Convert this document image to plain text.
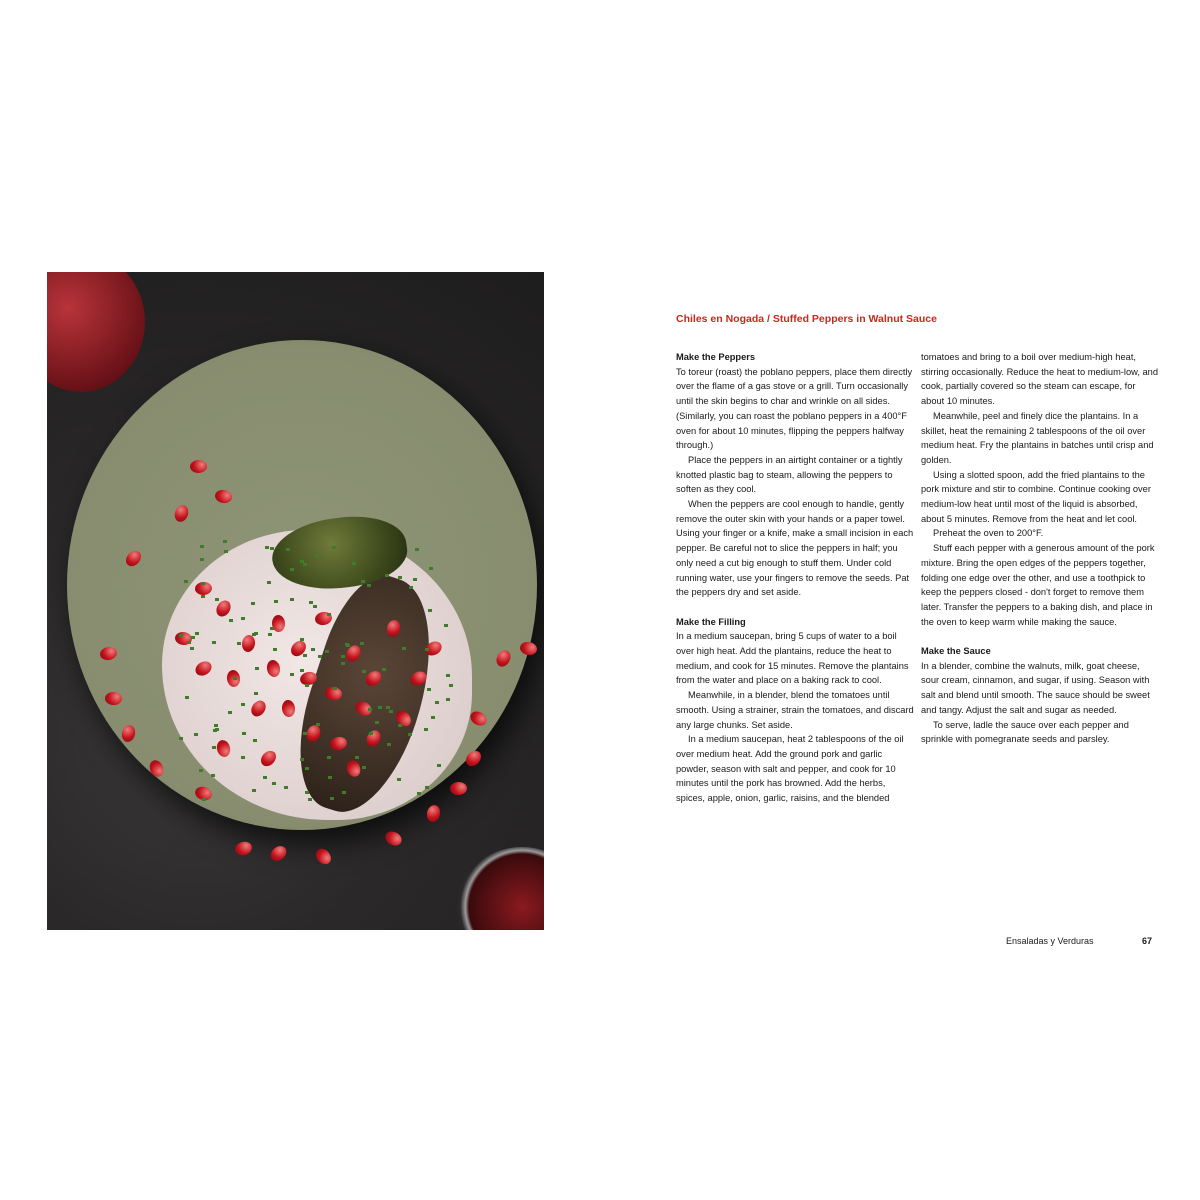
Chiles en Nogada / Stuffed Peppers in Walnut Sauce
Make the Peppers

To toreur (roast) the poblano peppers, place them directly over the flame of a gas stove or a grill. Turn occasionally until the skin begins to char and wrinkle on all sides. (Similarly, you can roast the poblano peppers in a 400°F oven for about 10 minutes, flipping the peppers halfway through.)

Place the peppers in an airtight container or a tightly knotted plastic bag to steam, allowing the peppers to soften as they cool.

When the peppers are cool enough to handle, gently remove the outer skin with your hands or a paper towel. Using your finger or a knife, make a small incision in each pepper. Be careful not to slice the peppers in half; you only need a cut big enough to stuff them. Under cold running water, use your fingers to remove the seeds. Pat the peppers dry and set aside.

Make the Filling

In a medium saucepan, bring 5 cups of water to a boil over high heat. Add the plantains, reduce the heat to medium, and cook for 15 minutes. Remove the plantains from the water and place on a baking rack to cool.

Meanwhile, in a blender, blend the tomatoes until smooth. Using a strainer, strain the tomatoes, and discard any large chunks. Set aside.

In a medium saucepan, heat 2 tablespoons of the oil over medium heat. Add the ground pork and garlic powder, season with salt and pepper, and cook for 10 minutes until the pork has browned. Add the herbs, spices, apple, onion, garlic, raisins, and the blended

tomatoes and bring to a boil over medium-high heat, stirring occasionally. Reduce the heat to medium-low, and cook, partially covered so the steam can escape, for about 10 minutes.

Meanwhile, peel and finely dice the plantains. In a skillet, heat the remaining 2 tablespoons of the oil over medium heat. Fry the plantains in batches until crisp and golden.

Using a slotted spoon, add the fried plantains to the pork mixture and stir to combine. Continue cooking over medium-low heat until most of the liquid is absorbed, about 5 minutes. Remove from the heat and let cool.

Preheat the oven to 200°F.

Stuff each pepper with a generous amount of the pork mixture. Bring the open edges of the peppers together, folding one edge over the other, and use a toothpick to keep the peppers closed - don't forget to remove them later. Transfer the peppers to a baking dish, and place in the oven to keep warm while making the sauce.

Make the Sauce

In a blender, combine the walnuts, milk, goat cheese, sour cream, cinnamon, and sugar, if using. Season with salt and blend until smooth. The sauce should be sweet and tangy. Adjust the salt and sugar as needed.

To serve, ladle the sauce over each pepper and sprinkle with pomegranate seeds and parsley.

Ensaladas y Verduras	67
